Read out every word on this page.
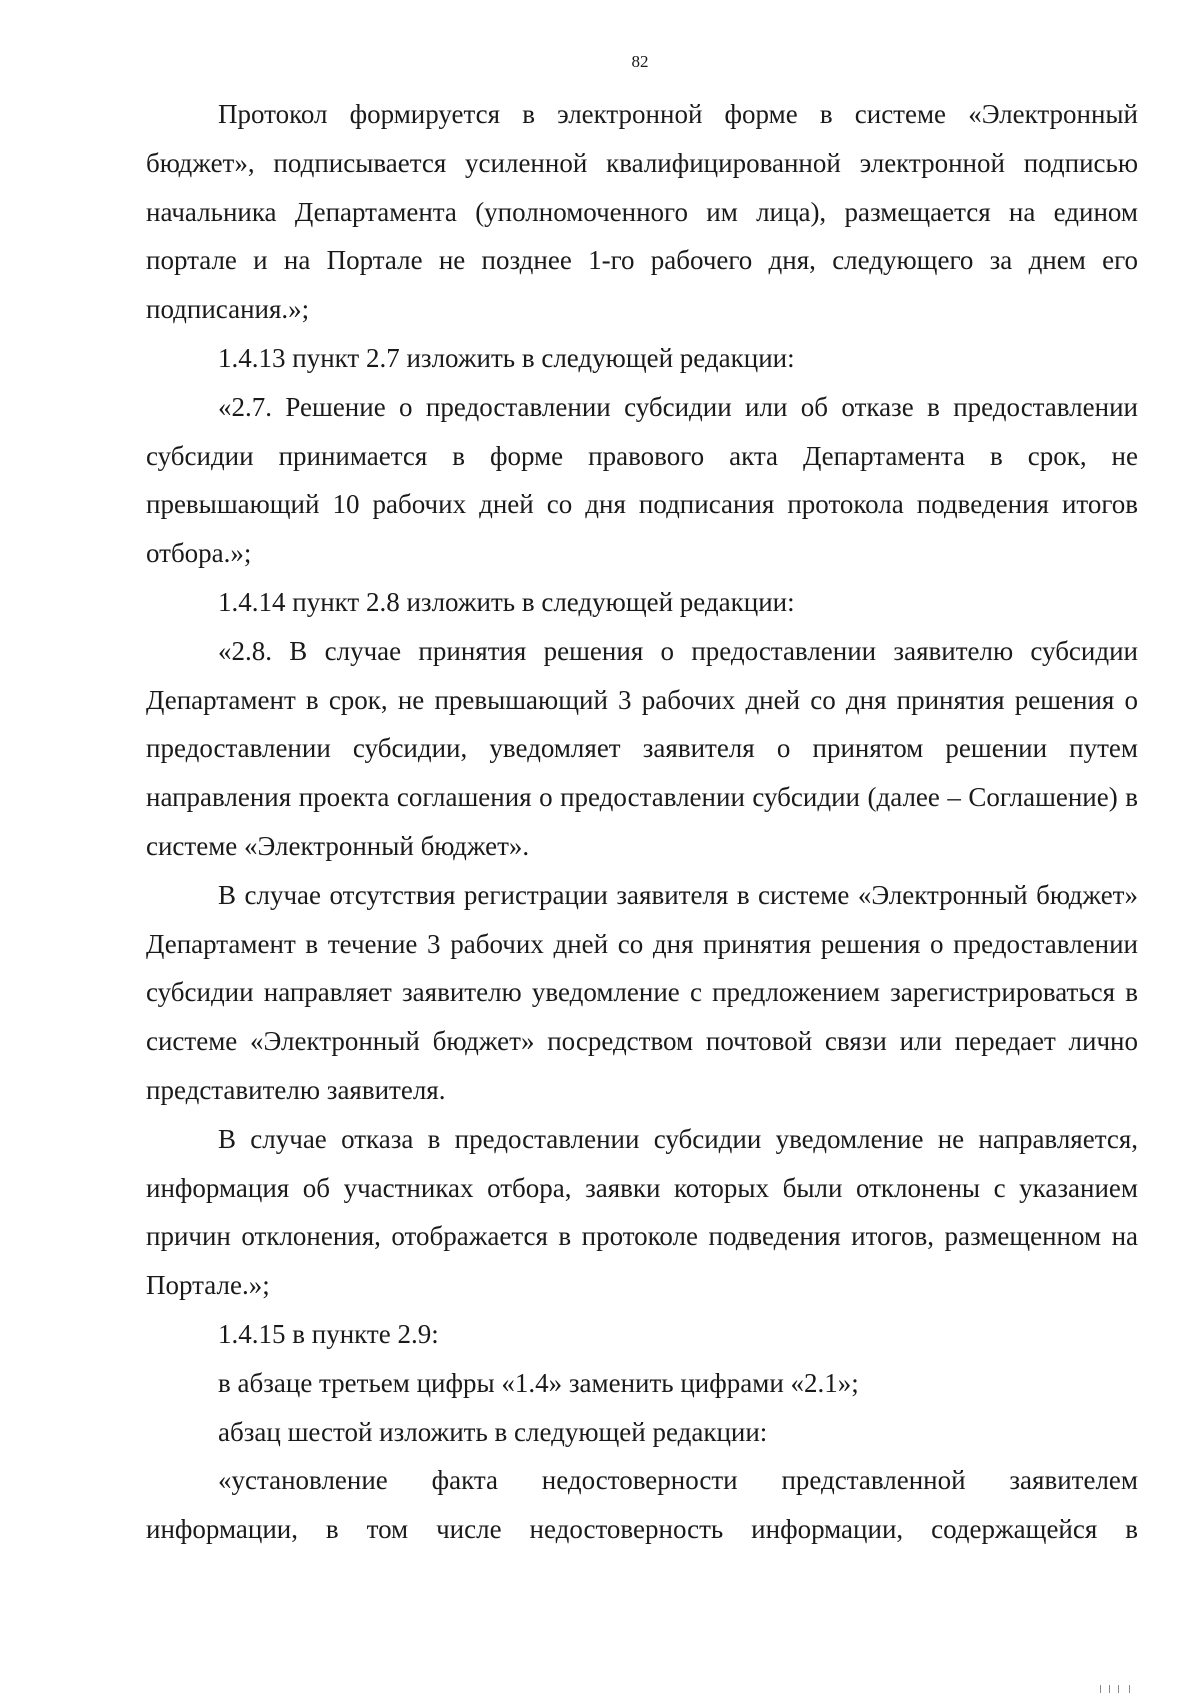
82

Протокол формируется в электронной форме в системе «Электронный бюджет», подписывается усиленной квалифицированной электронной подписью начальника Департамента (уполномоченного им лица), размещается на едином портале и на Портале не позднее 1-го рабочего дня, следующего за днем его подписания.»;

1.4.13 пункт 2.7 изложить в следующей редакции:

«2.7. Решение о предоставлении субсидии или об отказе в предоставлении субсидии принимается в форме правового акта Департамента в срок, не превышающий 10 рабочих дней со дня подписания протокола подведения итогов отбора.»;

1.4.14 пункт 2.8 изложить в следующей редакции:

«2.8. В случае принятия решения о предоставлении заявителю субсидии Департамент в срок, не превышающий 3 рабочих дней со дня принятия решения о предоставлении субсидии, уведомляет заявителя о принятом решении путем направления проекта соглашения о предоставлении субсидии (далее – Соглашение) в системе «Электронный бюджет».

В случае отсутствия регистрации заявителя в системе «Электронный бюджет» Департамент в течение 3 рабочих дней со дня принятия решения о предоставлении субсидии направляет заявителю уведомление с предложением зарегистрироваться в системе «Электронный бюджет» посредством почтовой связи или передает лично представителю заявителя.

В случае отказа в предоставлении субсидии уведомление не направляется, информация об участниках отбора, заявки которых были отклонены с указанием причин отклонения, отображается в протоколе подведения итогов, размещенном на Портале.»;

1.4.15 в пункте 2.9:

в абзаце третьем цифры «1.4» заменить цифрами «2.1»;

абзац шестой изложить в следующей редакции:

«установление факта недостоверности представленной заявителем информации, в том числе недостоверность информации, содержащейся в
